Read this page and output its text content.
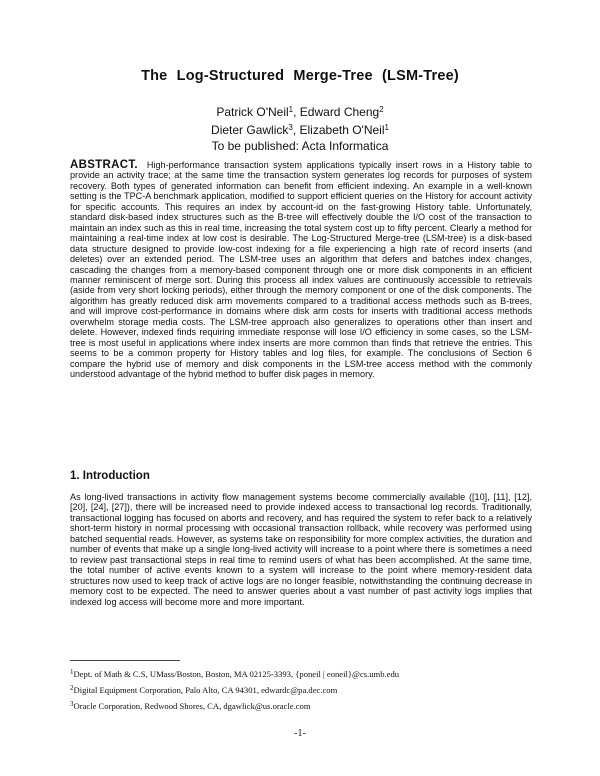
The Log-Structured Merge-Tree (LSM-Tree)
Patrick O'Neil$^1$, Edward Cheng$^2$
Dieter Gawlick$^3$, Elizabeth O'Neil$^1$
To be published: Acta Informatica

ABSTRACT. High-performance transaction system applications typically insert rows in a History table to provide an activity trace; at the same time the transaction system generates log records for purposes of system recovery. Both types of generated information can benefit from efficient indexing. An example in a well-known setting is the TPC-A benchmark application, modified to support efficient queries on the History for account activity for specific accounts. This requires an index by account-id on the fast-growing History table. Unfortunately, standard disk-based index structures such as the B-tree will effectively double the I/O cost of the transaction to maintain an index such as this in real time, increasing the total system cost up to fifty percent. Clearly a method for maintaining a real-time index at low cost is desirable. The Log-Structured Merge-tree (LSM-tree) is a disk-based data structure designed to provide low-cost indexing for a file experiencing a high rate of record inserts (and deletes) over an extended period. The LSM-tree uses an algorithm that defers and batches index changes, cascading the changes from a memory-based component through one or more disk components in an efficient manner reminiscent of merge sort. During this process all index values are continuously accessible to retrievals (aside from very short locking periods), either through the memory component or one of the disk components. The algorithm has greatly reduced disk arm movements compared to a traditional access methods such as B-trees, and will improve cost-performance in domains where disk arm costs for inserts with traditional access methods overwhelm storage media costs. The LSM-tree approach also generalizes to operations other than insert and delete. However, indexed finds requiring immediate response will lose I/O efficiency in some cases, so the LSM-tree is most useful in applications where index inserts are more common than finds that retrieve the entries. This seems to be a common property for History tables and log files, for example. The conclusions of Section 6 compare the hybrid use of memory and disk components in the LSM-tree access method with the commonly understood advantage of the hybrid method to buffer disk pages in memory.

1. Introduction

As long-lived transactions in activity flow management systems become commercially available ([10], [11], [12], [20], [24], [27]), there will be increased need to provide indexed access to transactional log records. Traditionally, transactional logging has focused on aborts and recovery, and has required the system to refer back to a relatively short-term history in normal processing with occasional transaction rollback, while recovery was performed using batched sequential reads. However, as systems take on responsibility for more complex activities, the duration and number of events that make up a single long-lived activity will increase to a point where there is sometimes a need to review past transactional steps in real time to remind users of what has been accomplished. At the same time, the total number of active events known to a system will increase to the point where memory-resident data structures now used to keep track of active logs are no longer feasible, notwithstanding the continuing decrease in memory cost to be expected. The need to answer queries about a vast number of past activity logs implies that indexed log access will become more and more important.

$^1$Dept. of Math & C.S, UMass/Boston, Boston, MA 02125-3393, {poneil | eoneil}@cs.umb.edu
$^2$Digital Equipment Corporation, Palo Alto, CA 94301, edwardc@pa.dec.com
$^3$Oracle Corporation, Redwood Shores, CA, dgawlick@us.oracle.com
-1-
